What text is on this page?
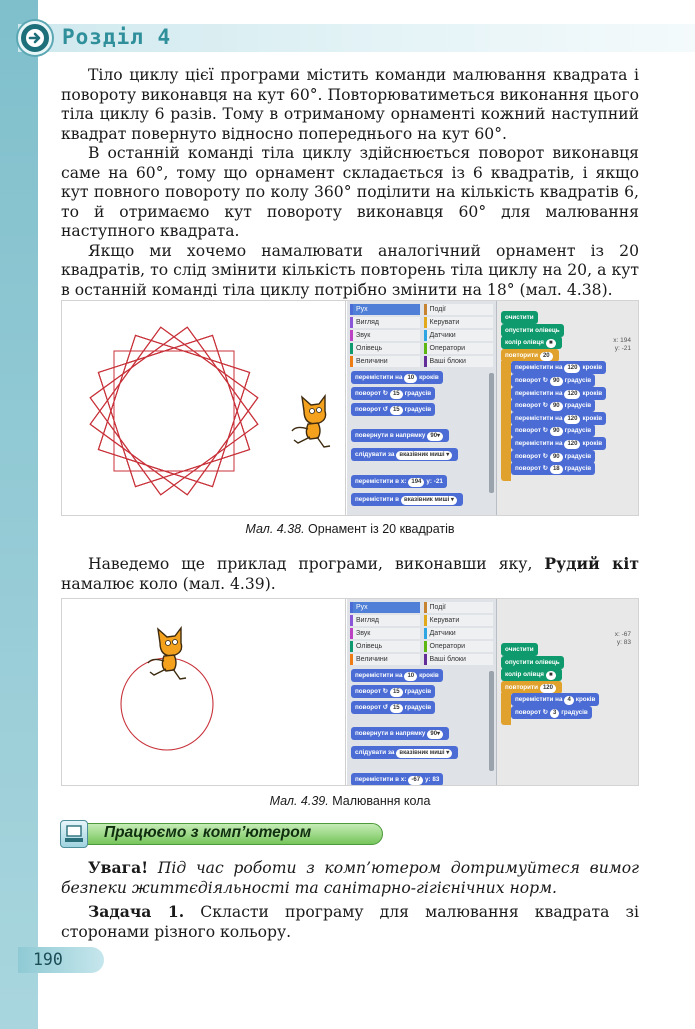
Розділ 4

Тіло циклу цієї програми містить команди малювання квадрата і повороту виконавця на кут 60°. Повторюватиметься виконання цього тіла циклу 6 разів. Тому в отриманому орнаменті кожний наступний квадрат повернуто відносно попереднього на кут 60°.

В останній команді тіла циклу здійснюється поворот виконавця саме на 60°, тому що орнамент складається із 6 квадратів, і якщо кут повного повороту по колу 360° поділити на кількість квадратів 6, то й отримаємо кут повороту виконавця 60° для малювання наступного квадрата.

Якщо ми хочемо намалювати аналогічний орнамент із 20 квадратів, то слід змінити кількість повторень тіла циклу на 20, а кут в останній команді тіла циклу потрібно змінити на 18° (мал. 4.38).

Рух	Події
Вигляд	Керувати
Звук	Датчики
Олівець	Оператори
Величини	Ваші блоки
перемістити на 10 кроків
поворот ↻ 15 градусів
поворот ↺ 15 градусів
повернути в напрямку 90▾
слідувати за вказівник миші ▾
перемістити в x: 194 y: -21
перемістити в вказівник миші ▾
очистити
опустити олівець
колір олівця ■
повторити 20
перемістити на 120 кроків
поворот ↻ 90 градусів
перемістити на 120 кроків
поворот ↻ 90 градусів
перемістити на 120 кроків
поворот ↻ 90 градусів
перемістити на 120 кроків
поворот ↻ 90 градусів
поворот ↻ 18 градусів
x: 194
y: -21
Мал. 4.38. Орнамент із 20 квадратів

Наведемо ще приклад програми, виконавши яку, Рудий кіт намалює коло (мал. 4.39).

Рух	Події
Вигляд	Керувати
Звук	Датчики
Олівець	Оператори
Величини	Ваші блоки
перемістити на 10 кроків
поворот ↻ 15 градусів
поворот ↺ 15 градусів
повернути в напрямку 90▾
слідувати за вказівник миші ▾
перемістити в x: -67 y: 83
очистити
опустити олівець
колір олівця ■
повторити 120
перемістити на 4 кроків
поворот ↻ 3 градусів
x: -67
y: 83
Мал. 4.39. Малювання кола
Працюємо з комп’ютером

Увага! Під час роботи з комп’ютером дотримуйтеся вимог безпеки життєдіяльності та санітарно-гігієнічних норм.

Задача 1. Скласти програму для малювання квадрата зі сторонами різного кольору.

190
